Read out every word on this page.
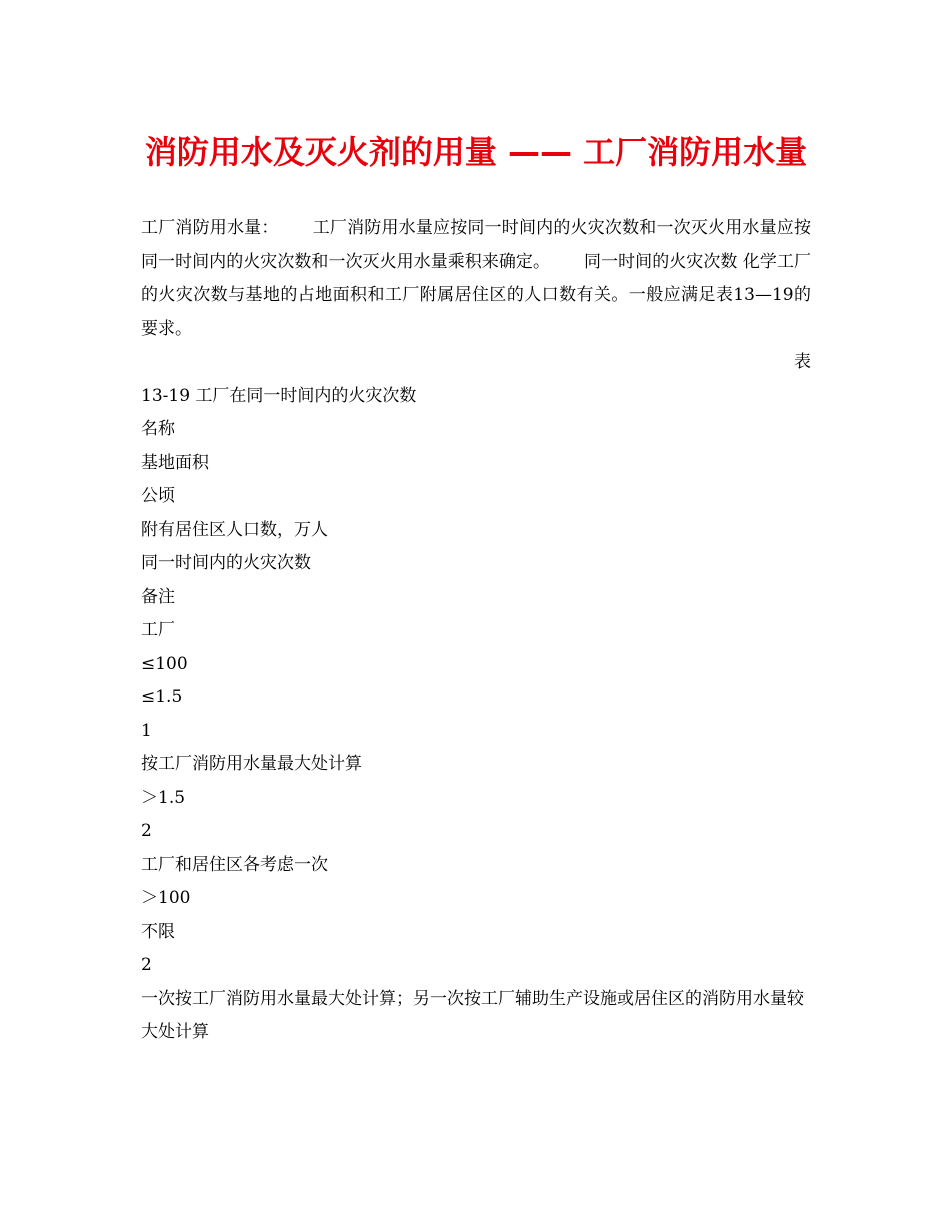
消防用水及灭火剂的用量 —— 工厂消防用水量

工厂消防用水量： 工厂消防用水量应按同一时间内的火灾次数和一次灭火用水量应按同一时间内的火灾次数和一次灭火用水量乘积来确定。 同一时间的火灾次数 化学工厂的火灾次数与基地的占地面积和工厂附属居住区的人口数有关。一般应满足表13—19的要求。

表
13-19 工厂在同一时间内的火灾次数
名称
基地面积
公顷
附有居住区人口数，万人
同一时间内的火灾次数
备注
工厂
≤100
≤1.5
1
按工厂消防用水量最大处计算
＞1.5
2
工厂和居住区各考虑一次
＞100
不限
2
一次按工厂消防用水量最大处计算；另一次按工厂辅助生产设施或居住区的消防用水量较大处计算
